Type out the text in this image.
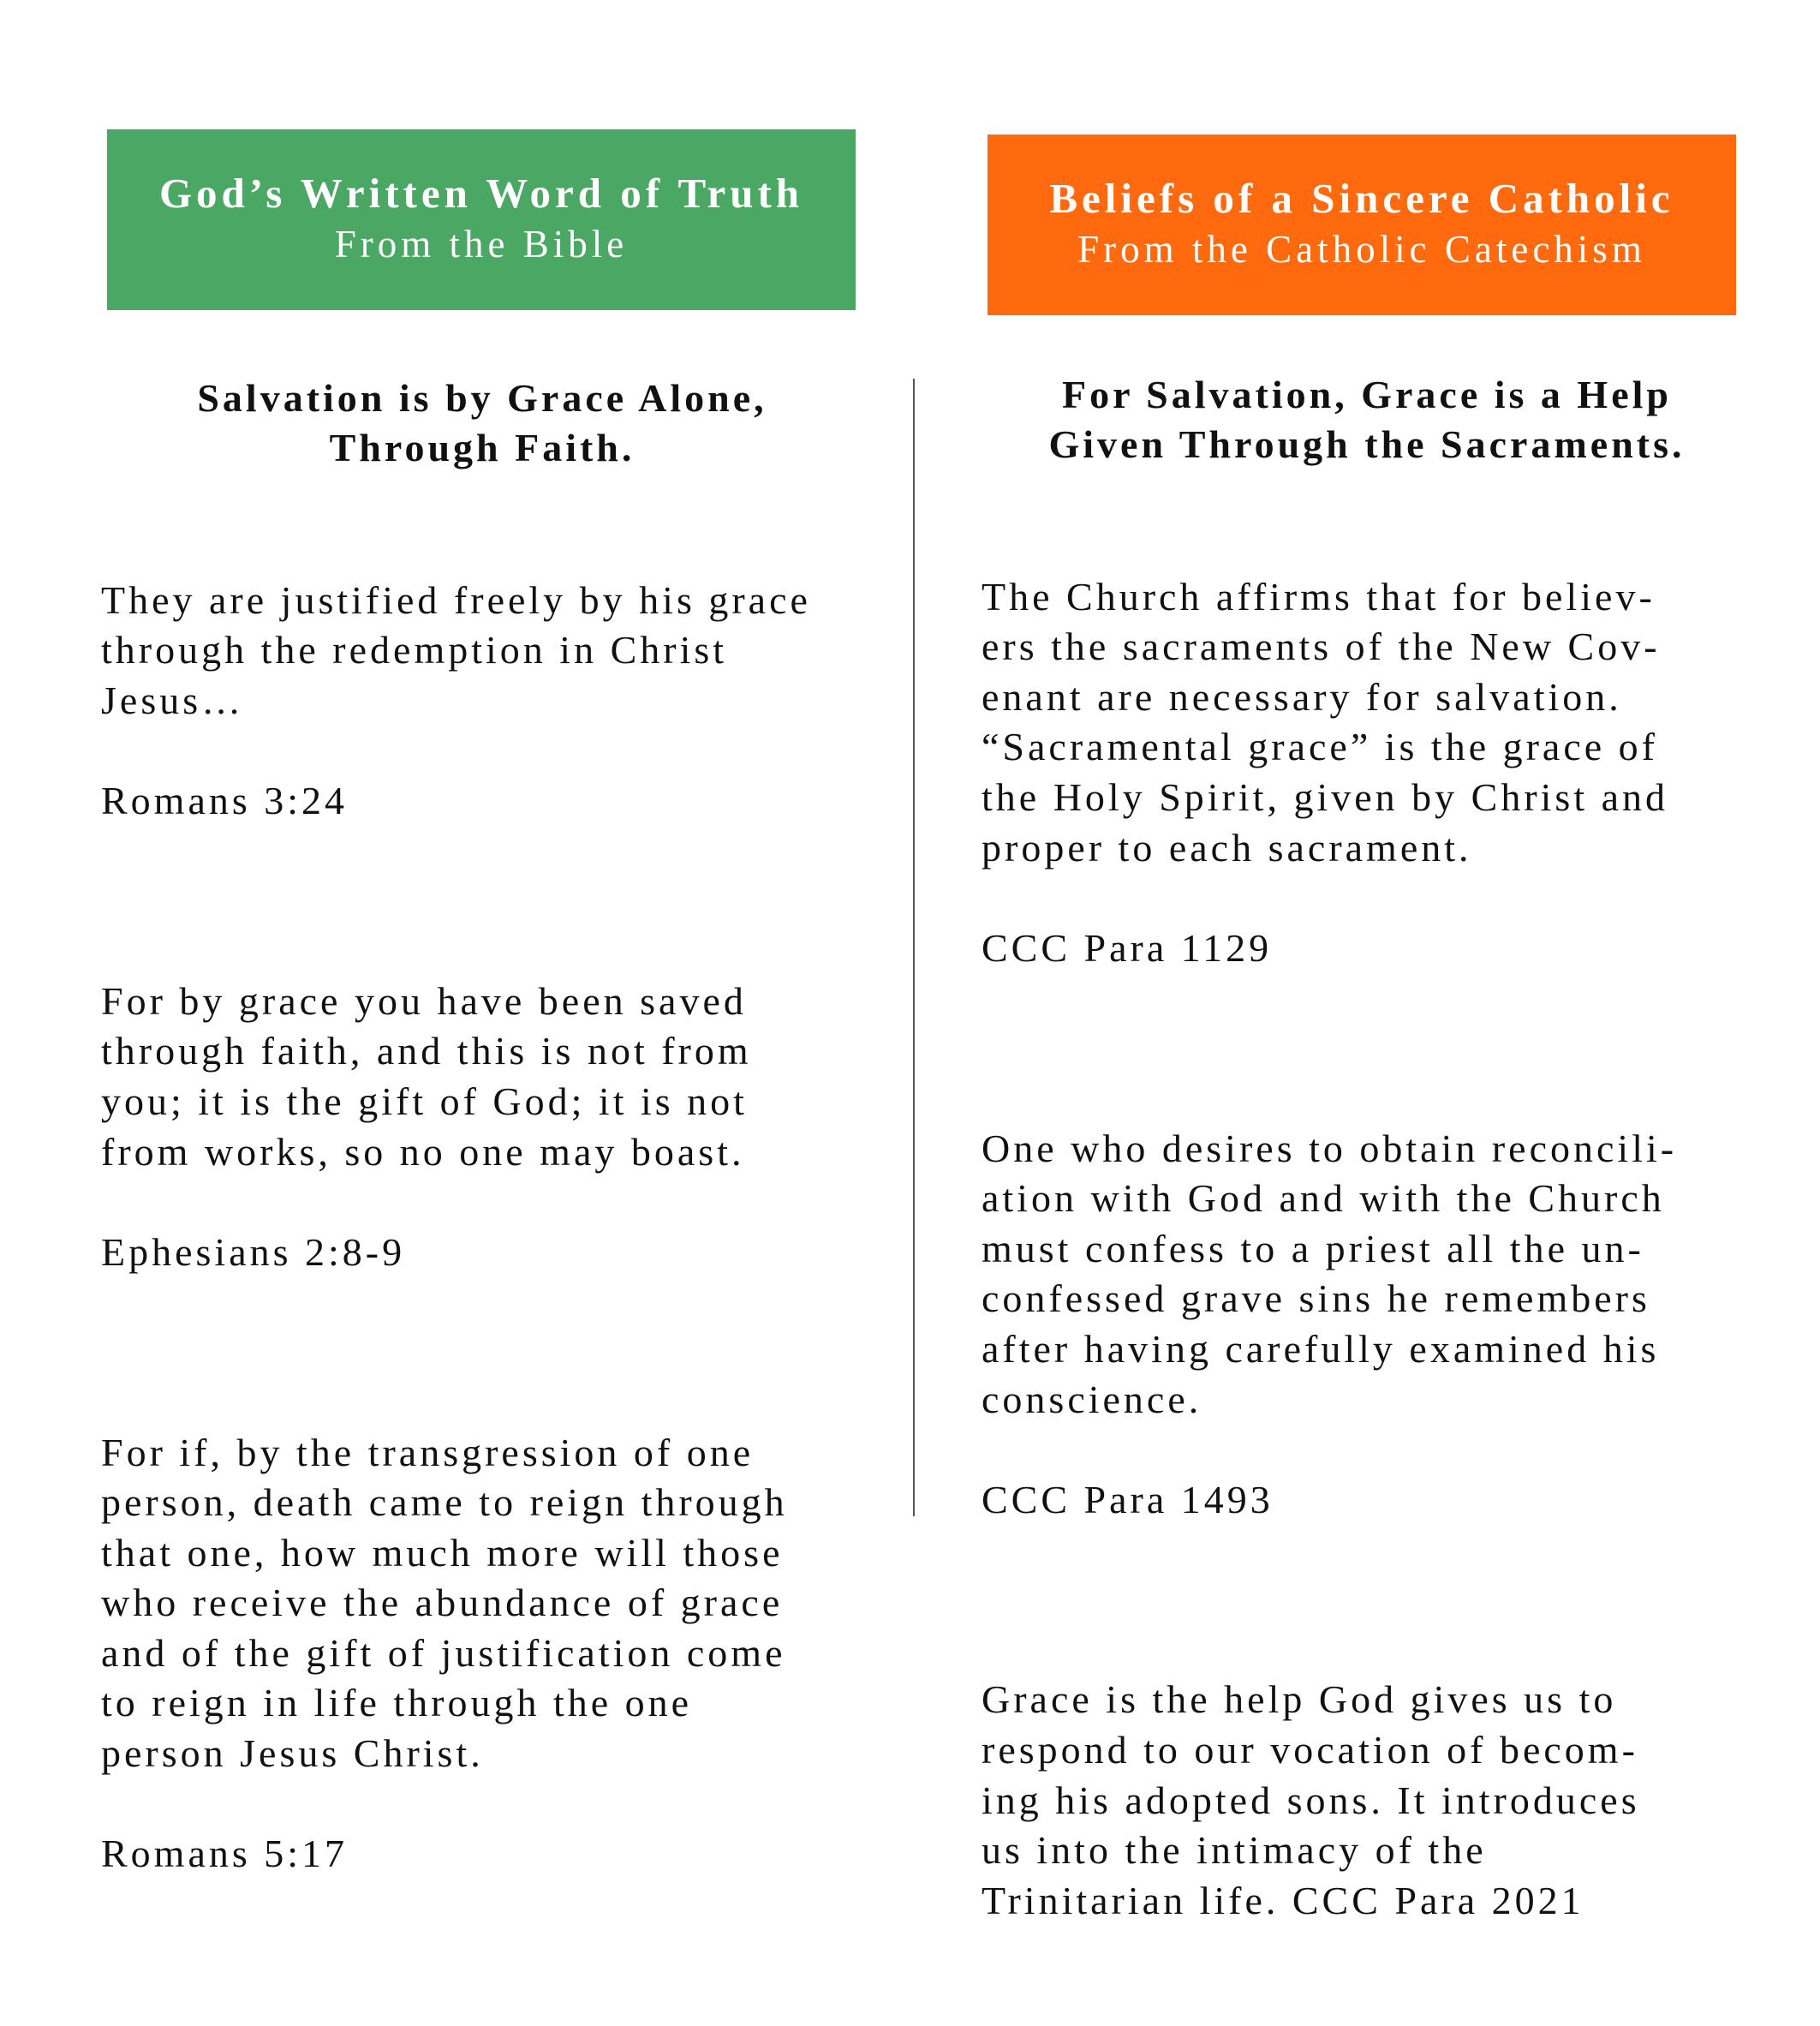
God’s Written Word of Truth
From the Bible
Beliefs of a Sincere Catholic
From the Catholic Catechism
Salvation is by Grace Alone,
Through Faith.

They are justified freely by his grace
through the redemption in Christ
Jesus…

Romans 3:24

For by grace you have been saved
through faith, and this is not from
you; it is the gift of God; it is not
from works, so no one may boast.

Ephesians 2:8-9

For if, by the transgression of one
person, death came to reign through
that one, how much more will those
who receive the abundance of grace
and of the gift of justification come
to reign in life through the one
person Jesus Christ.

Romans 5:17

For Salvation, Grace is a Help
Given Through the Sacraments.

The Church affirms that for believ-
ers the sacraments of the New Cov-
enant are necessary for salvation.
“Sacramental grace” is the grace of
the Holy Spirit, given by Christ and
proper to each sacrament.

CCC Para 1129

One who desires to obtain reconcili-
ation with God and with the Church
must confess to a priest all the un-
confessed grave sins he remembers
after having carefully examined his
conscience.

CCC Para 1493

Grace is the help God gives us to
respond to our vocation of becom-
ing his adopted sons. It introduces
us into the intimacy of the
Trinitarian life. CCC Para 2021
